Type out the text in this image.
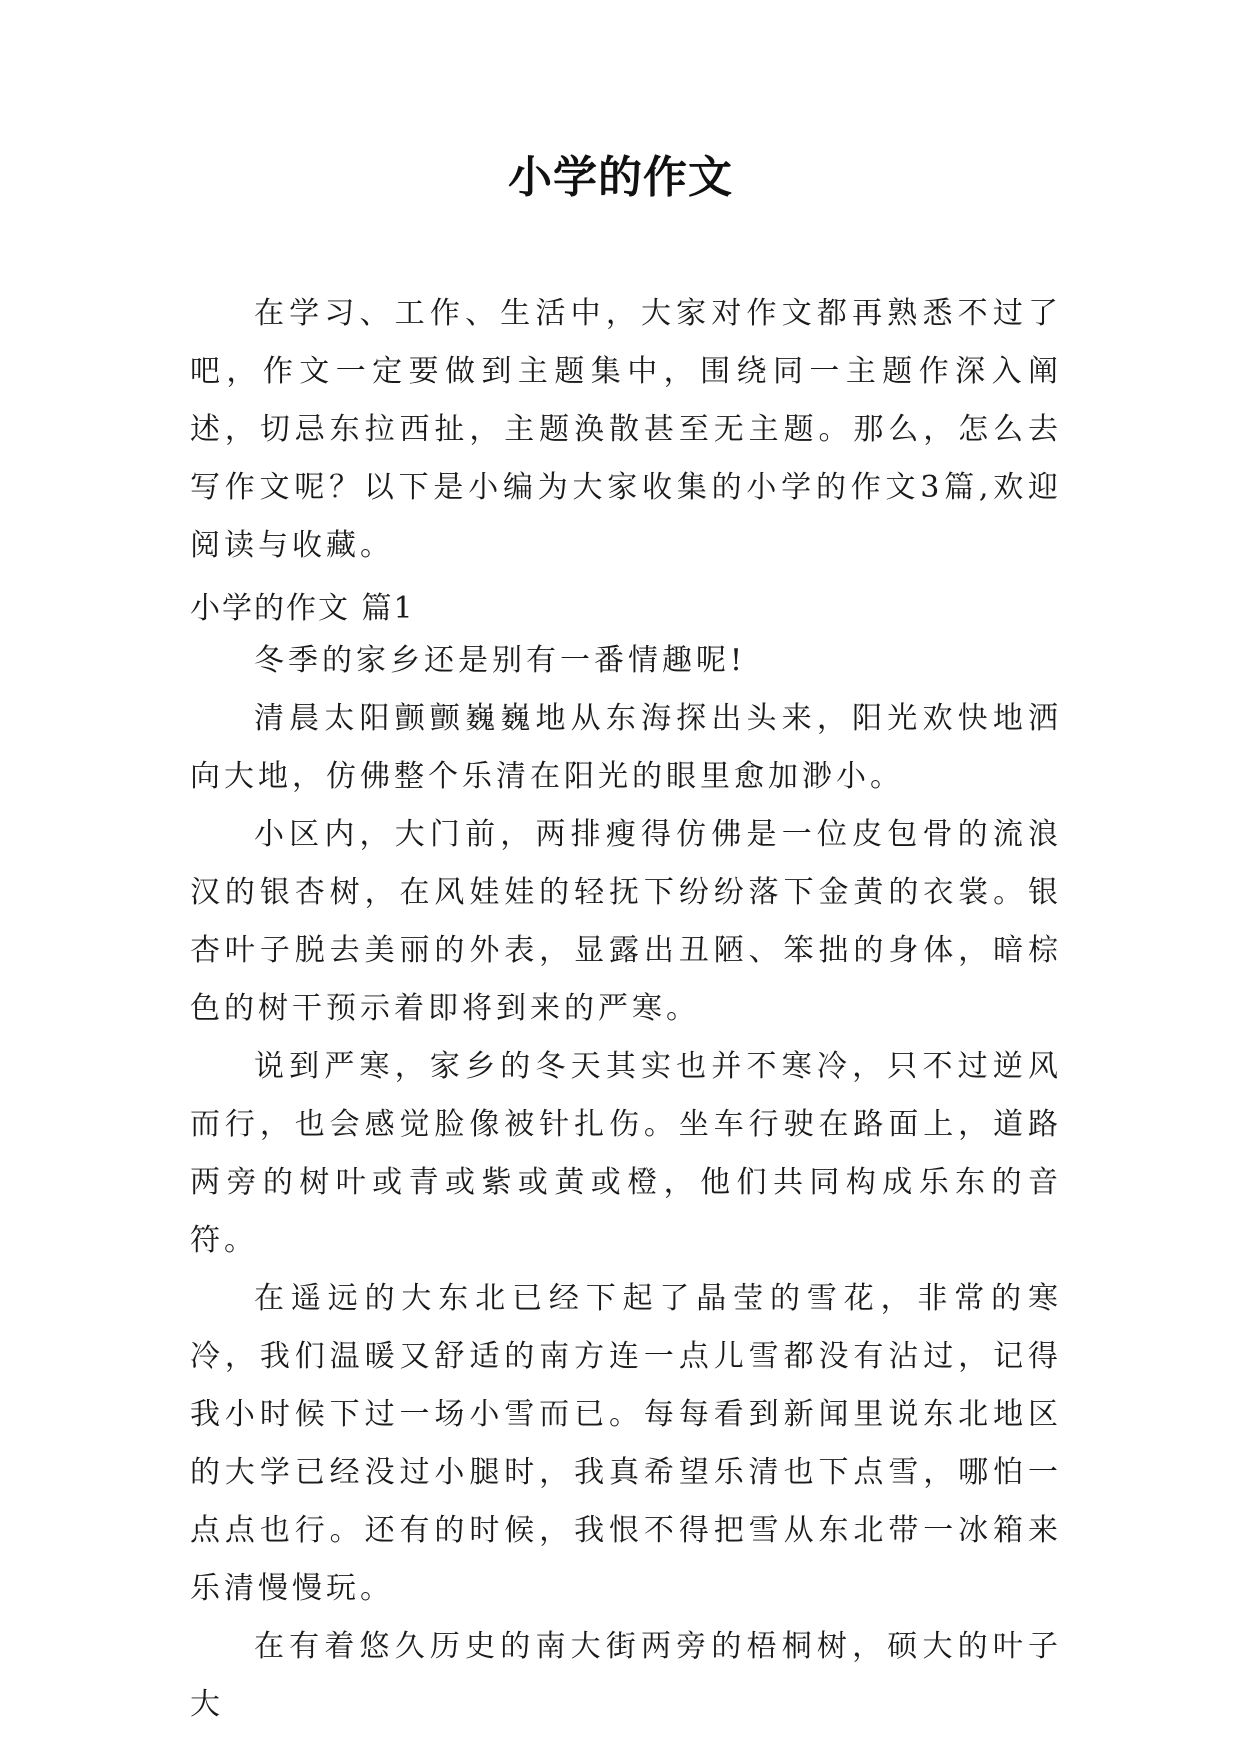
小学的作文

在学习、工作、生活中，大家对作文都再熟悉不过了吧，作文一定要做到主题集中，围绕同一主题作深入阐述，切忌东拉西扯，主题涣散甚至无主题。那么，怎么去写作文呢？以下是小编为大家收集的小学的作文3篇,欢迎阅读与收藏。

小学的作文 篇1

冬季的家乡还是别有一番情趣呢!

清晨太阳颤颤巍巍地从东海探出头来，阳光欢快地洒向大地，仿佛整个乐清在阳光的眼里愈加渺小。

小区内，大门前，两排瘦得仿佛是一位皮包骨的流浪汉的银杏树，在风娃娃的轻抚下纷纷落下金黄的衣裳。银杏叶子脱去美丽的外表，显露出丑陋、笨拙的身体，暗棕色的树干预示着即将到来的严寒。

说到严寒，家乡的冬天其实也并不寒冷，只不过逆风而行，也会感觉脸像被针扎伤。坐车行驶在路面上，道路两旁的树叶或青或紫或黄或橙，他们共同构成乐东的音符。

在遥远的大东北已经下起了晶莹的雪花，非常的寒冷，我们温暖又舒适的南方连一点儿雪都没有沾过，记得我小时候下过一场小雪而已。每每看到新闻里说东北地区的大学已经没过小腿时，我真希望乐清也下点雪，哪怕一点点也行。还有的时候，我恨不得把雪从东北带一冰箱来乐清慢慢玩。

在有着悠久历史的南大街两旁的梧桐树，硕大的叶子大
